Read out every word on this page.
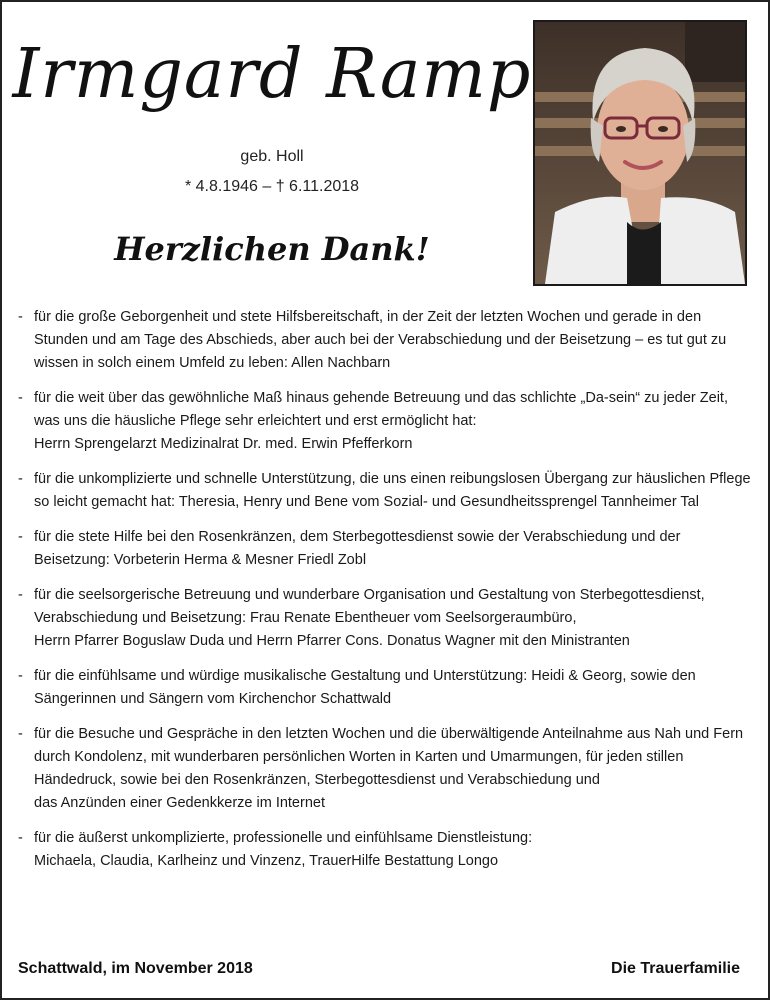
Irmgard Ramp
geb. Holl
* 4.8.1946 – † 6.11.2018
Herzlichen Dank!
- für die große Geborgenheit und stete Hilfsbereitschaft, in der Zeit der letzten Wochen und gerade in den Stunden und am Tage des Abschieds, aber auch bei der Verabschiedung und der Beisetzung – es tut gut zu wissen in solch einem Umfeld zu leben: Allen Nachbarn
- für die weit über das gewöhnliche Maß hinaus gehende Betreuung und das schlichte „Da-sein“ zu jeder Zeit, was uns die häusliche Pflege sehr erleichtert und erst ermöglicht hat:
Herrn Sprengelarzt Medizinalrat Dr. med. Erwin Pfefferkorn
- für die unkomplizierte und schnelle Unterstützung, die uns einen reibungslosen Übergang zur häuslichen Pflege so leicht gemacht hat: Theresia, Henry und Bene vom Sozial- und Gesundheitssprengel Tannheimer Tal
- für die stete Hilfe bei den Rosenkränzen, dem Sterbegottesdienst sowie der Verabschiedung und der Beisetzung: Vorbeterin Herma & Mesner Friedl Zobl
- für die seelsorgerische Betreuung und wunderbare Organisation und Gestaltung von Sterbegottesdienst, Verabschiedung und Beisetzung: Frau Renate Ebentheuer vom Seelsorgeraumbüro,
Herrn Pfarrer Boguslaw Duda und Herrn Pfarrer Cons. Donatus Wagner mit den Ministranten
- für die einfühlsame und würdige musikalische Gestaltung und Unterstützung: Heidi & Georg, sowie den Sängerinnen und Sängern vom Kirchenchor Schattwald
- für die Besuche und Gespräche in den letzten Wochen und die überwältigende Anteilnahme aus Nah und Fern durch Kondolenz, mit wunderbaren persönlichen Worten in Karten und Umarmungen, für jeden stillen Händedruck, sowie bei den Rosenkränzen, Sterbegottesdienst und Verabschiedung und
das Anzünden einer Gedenkkerze im Internet
- für die äußerst unkomplizierte, professionelle und einfühlsame Dienstleistung:
Michaela, Claudia, Karlheinz und Vinzenz, TrauerHilfe Bestattung Longo
Schattwald, im November 2018	Die Trauerfamilie
